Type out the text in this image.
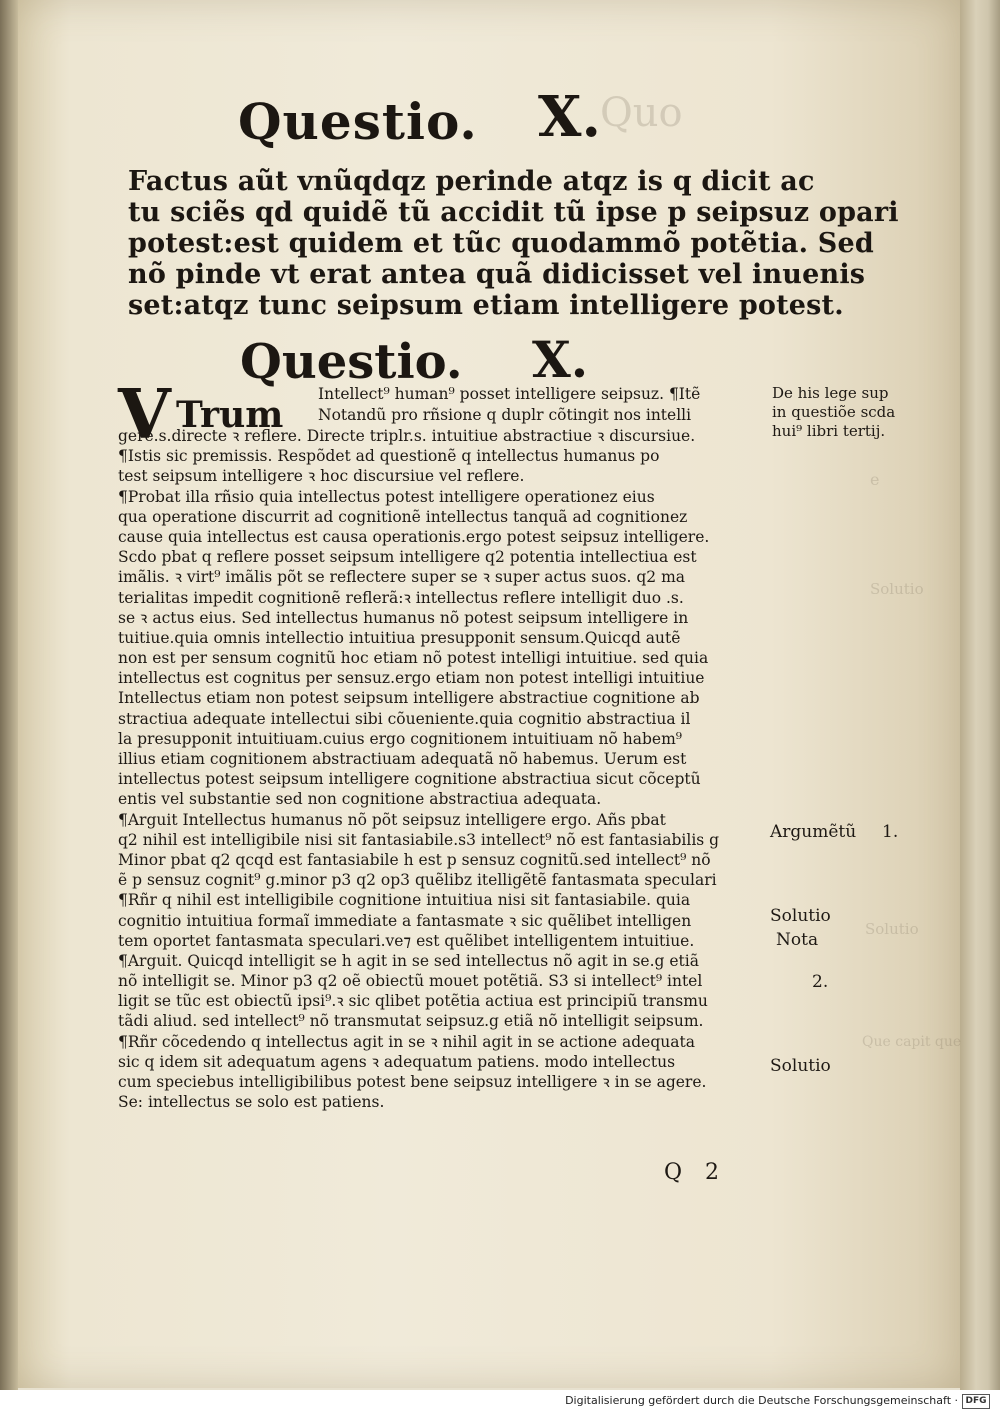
Quo
e
Solutio
Solutio
Que capit que
Questio. X.
Factus aũt vnũqdqz perinde atqz is q dicit ac
tu sciẽs qd quidẽ tũ accidit tũ ipse p seipsuz opari
potest:est quidem et tũc quodammõ potẽtia. Sed
nõ pinde vt erat antea quã didicisset vel inuenis
set:atqz tunc seipsum etiam intelligere potest.
Questio. X.
V Trum Intellect⁹ human⁹ posset intelligere seipsuz. ¶Itẽ
Notandũ pro rñsione q duplr cõtingit nos intelli
gere.s.directe ꝛ reflere. Directe triplr.s. intuitiue abstractiue ꝛ discursiue.
¶Istis sic premissis. Respõdet ad questionẽ q intellectus humanus po
test seipsum intelligere ꝛ hoc discursiue vel reflere.
¶Probat illa rñsio quia intellectus potest intelligere operationez eius
qua operatione discurrit ad cognitionẽ intellectus tanquã ad cognitionez
cause quia intellectus est causa operationis.ergo potest seipsuz intelligere.
Scdo pbat q reflere posset seipsum intelligere q2 potentia intellectiua est
imãlis. ꝛ virt⁹ imãlis põt se reflectere super se ꝛ super actus suos. q2 ma
terialitas impedit cognitionẽ reflerã:ꝛ intellectus reflere intelligit duo .s.
se ꝛ actus eius. Sed intellectus humanus nõ potest seipsum intelligere in
tuitiue.quia omnis intellectio intuitiua presupponit sensum.Quicqd autẽ
non est per sensum cognitũ hoc etiam nõ potest intelligi intuitiue. sed quia
intellectus est cognitus per sensuz.ergo etiam non potest intelligi intuitiue
Intellectus etiam non potest seipsum intelligere abstractiue cognitione ab
stractiua adequate intellectui sibi cõueniente.quia cognitio abstractiua il
la presupponit intuitiuam.cuius ergo cognitionem intuitiuam nõ habem⁹
illius etiam cognitionem abstractiuam adequatã nõ habemus. Uerum est
intellectus potest seipsum intelligere cognitione abstractiua sicut cõceptũ
entis vel substantie sed non cognitione abstractiua adequata.
¶Arguit Intellectus humanus nõ põt seipsuz intelligere ergo. Añs pbat
q2 nihil est intelligibile nisi sit fantasiabile.s3 intellect⁹ nõ est fantasiabilis g
Minor pbat q2 qcqd est fantasiabile h est p sensuz cognitũ.sed intellect⁹ nõ
ẽ p sensuz cognit⁹ g.minor p3 q2 op3 quẽlibz itelligẽtẽ fantasmata speculari
¶Rñr q nihil est intelligibile cognitione intuitiua nisi sit fantasiabile. quia
cognitio intuitiua formaĩ immediate a fantasmate ꝛ sic quẽlibet intelligen
tem oportet fantasmata speculari.ve⁊ est quẽlibet intelligentem intuitiue.
¶Arguit. Quicqd intelligit se h agit in se sed intellectus nõ agit in se.g etiã
nõ intelligit se. Minor p3 q2 oẽ obiectũ mouet potẽtiã. S3 si intellect⁹ intel
ligit se tũc est obiectũ ipsi⁹.ꝛ sic qlibet potẽtia actiua est principiũ transmu
tãdi aliud. sed intellect⁹ nõ transmutat seipsuz.g etiã nõ intelligit seipsum.
¶Rñr cõcedendo q intellectus agit in se ꝛ nihil agit in se actione adequata
sic q idem sit adequatum agens ꝛ adequatum patiens. modo intellectus
cum speciebus intelligibilibus potest bene seipsuz intelligere ꝛ in se agere.
Se: intellectus se solo est patiens.
De his lege sup
in questiõe scda
hui⁹ libri tertij.
Argumẽtũ 1.
Solutio
Nota
2.
Solutio
Q 2
Digitalisierung gefördert durch die Deutsche Forschungsgemeinschaft · DFG
